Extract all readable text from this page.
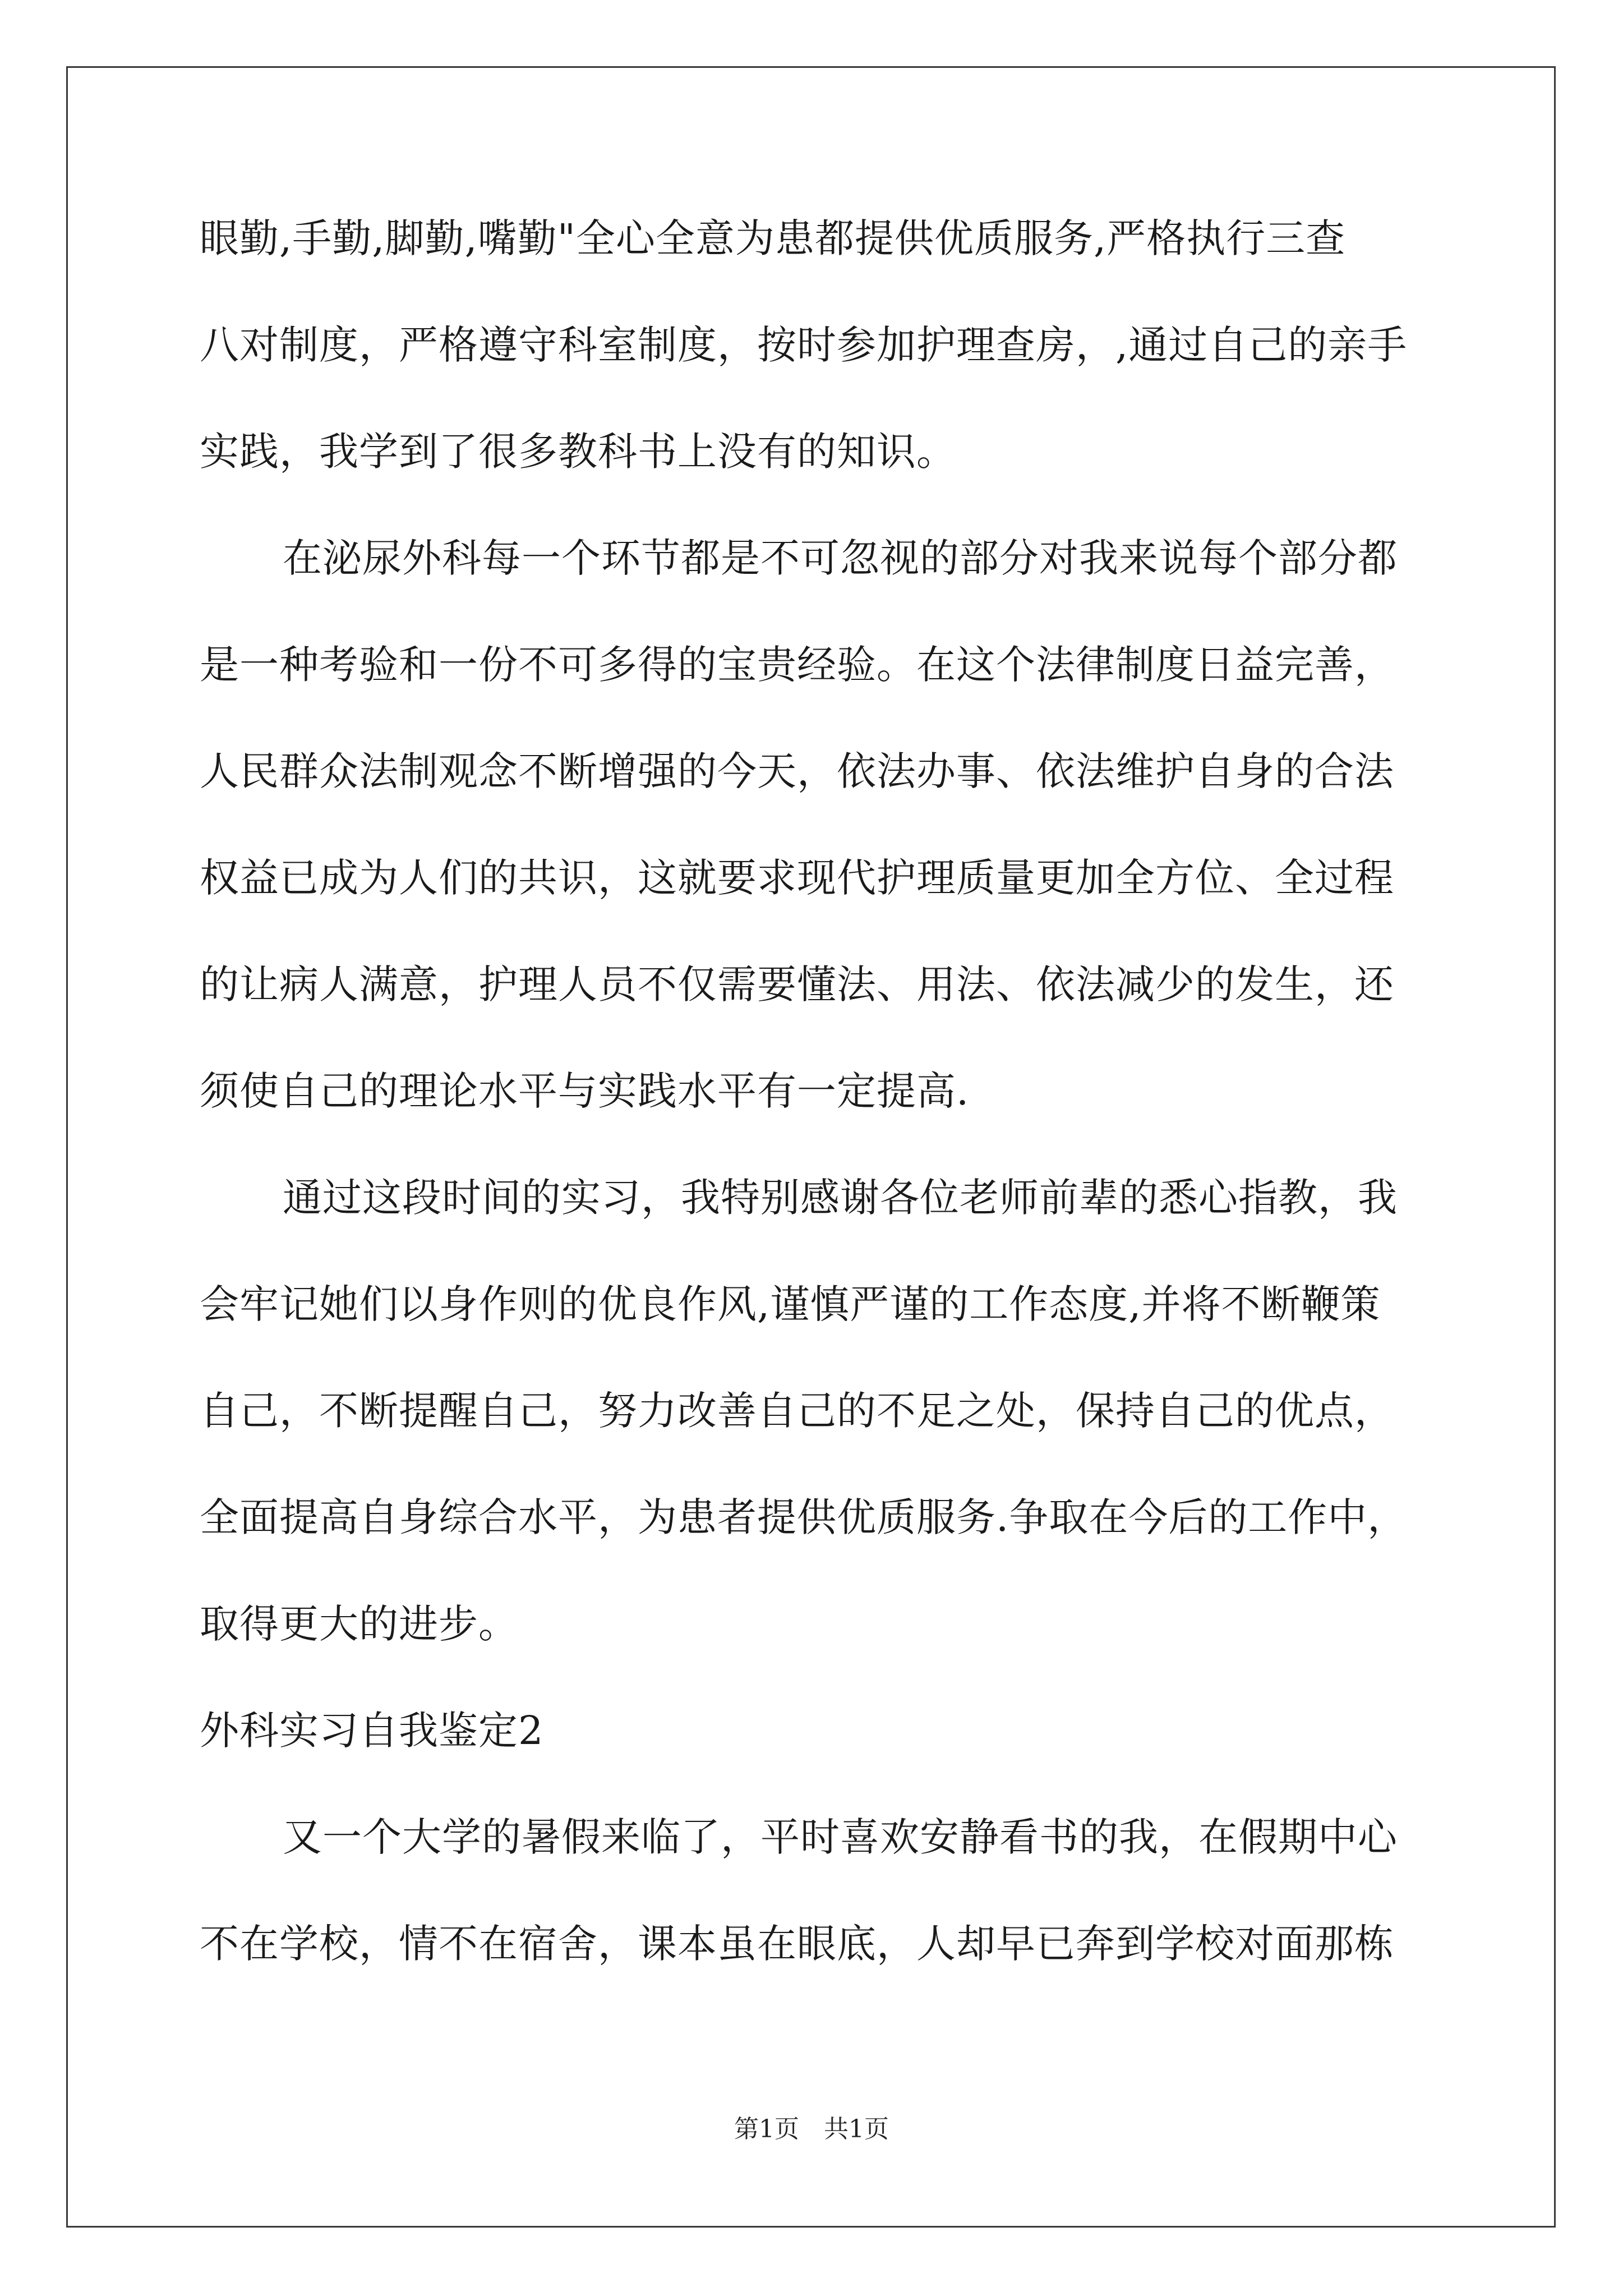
眼勤,手勤,脚勤,嘴勤"全心全意为患都提供优质服务,严格执行三查
八对制度，严格遵守科室制度，按时参加护理查房，,通过自己的亲手
实践，我学到了很多教科书上没有的知识。
在泌尿外科每一个环节都是不可忽视的部分对我来说每个部分都
是一种考验和一份不可多得的宝贵经验。在这个法律制度日益完善，
人民群众法制观念不断增强的今天，依法办事、依法维护自身的合法
权益已成为人们的共识，这就要求现代护理质量更加全方位、全过程
的让病人满意，护理人员不仅需要懂法、用法、依法减少的发生，还
须使自己的理论水平与实践水平有一定提高.
通过这段时间的实习，我特别感谢各位老师前辈的悉心指教，我
会牢记她们以身作则的优良作风,谨慎严谨的工作态度,并将不断鞭策
自己，不断提醒自己，努力改善自己的不足之处，保持自己的优点，
全面提高自身综合水平，为患者提供优质服务.争取在今后的工作中，
取得更大的进步。
外科实习自我鉴定2
又一个大学的暑假来临了，平时喜欢安静看书的我，在假期中心
不在学校，情不在宿舍，课本虽在眼底，人却早已奔到学校对面那栋
第1页　共1页
